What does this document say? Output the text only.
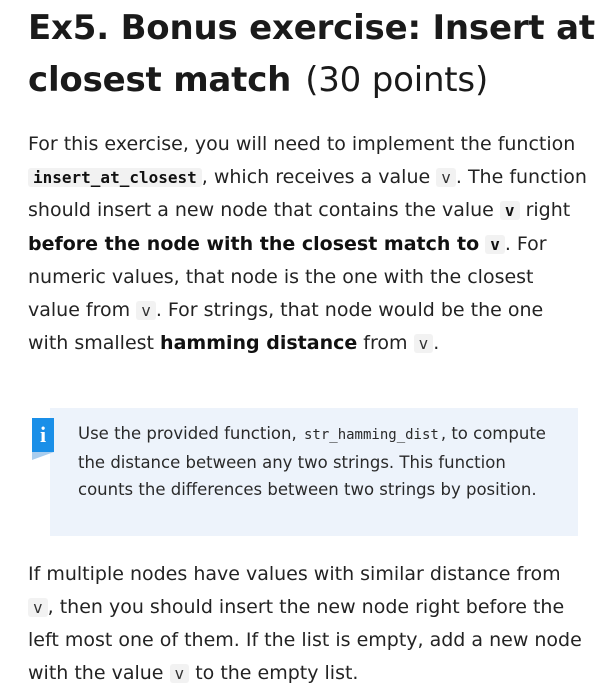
Ex5. Bonus exercise: Insert at closest match (30 points)

For this exercise, you will need to implement the function insert_at_closest , which receives a value v . The function should insert a new node that contains the value v right before the node with the closest match to v . For numeric values, that node is the one with the closest value from v . For strings, that node would be the one with smallest hamming distance from v .

i	Use the provided function, str_hamming_dist , to compute the distance between any two strings. This function counts the differences between two strings by position.

If multiple nodes have values with similar distance from v , then you should insert the new node right before the left most one of them. If the list is empty, add a new node with the value v to the empty list.
